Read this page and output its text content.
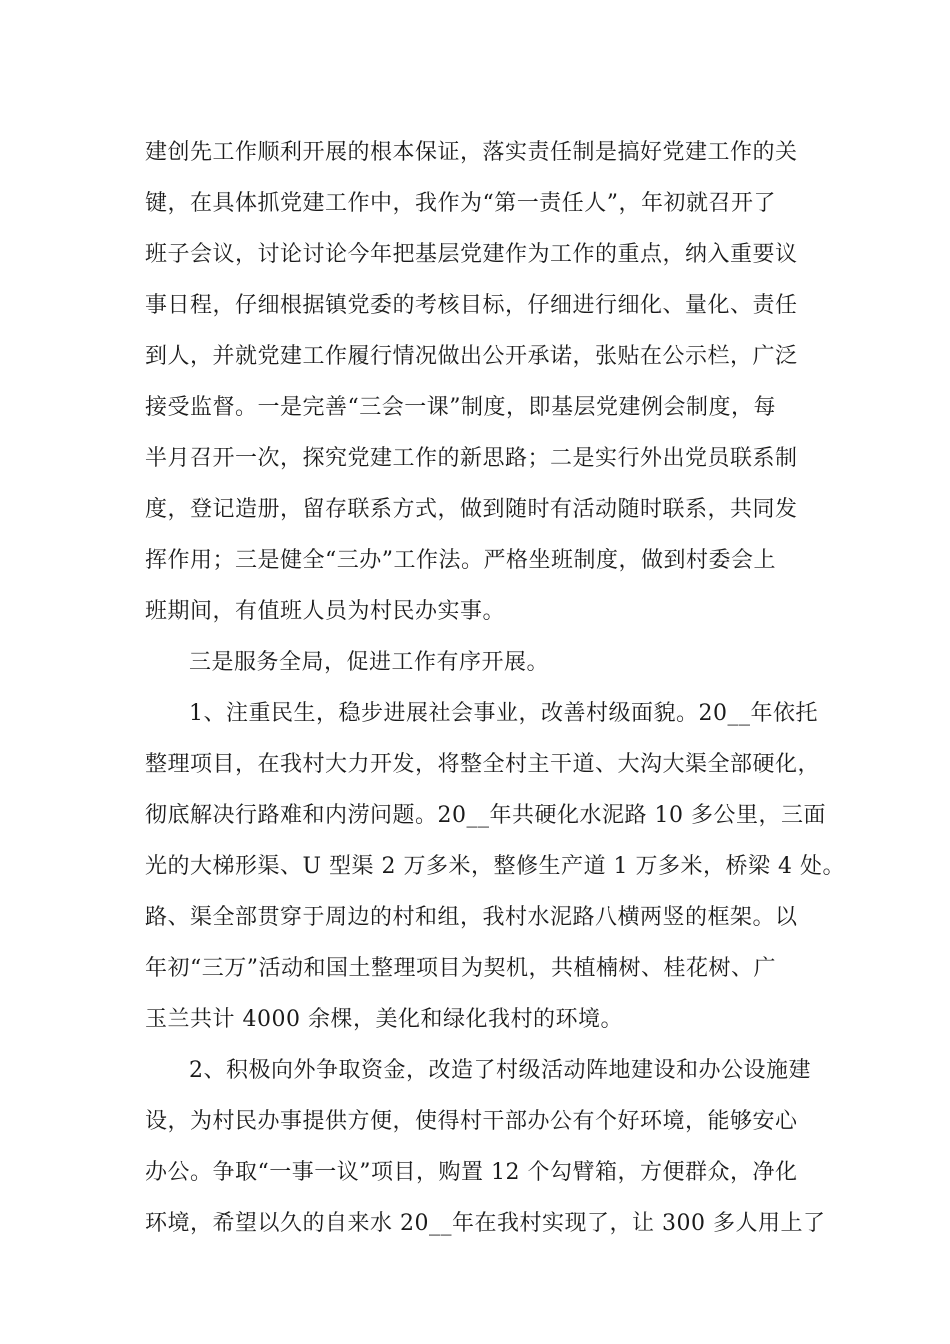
建创先工作顺利开展的根本保证，落实责任制是搞好党建工作的关
键，在具体抓党建工作中，我作为“第一责任人”，年初就召开了
班子会议，讨论讨论今年把基层党建作为工作的重点，纳入重要议
事日程，仔细根据镇党委的考核目标，仔细进行细化、量化、责任
到人，并就党建工作履行情况做出公开承诺，张贴在公示栏，广泛
接受监督。一是完善“三会一课”制度，即基层党建例会制度，每
半月召开一次，探究党建工作的新思路；二是实行外出党员联系制
度，登记造册，留存联系方式，做到随时有活动随时联系，共同发
挥作用；三是健全“三办”工作法。严格坐班制度，做到村委会上
班期间，有值班人员为村民办实事。
三是服务全局，促进工作有序开展。
1、注重民生，稳步进展社会事业，改善村级面貌。20__年依托
整理项目，在我村大力开发，将整全村主干道、大沟大渠全部硬化，
彻底解决行路难和内涝问题。20__年共硬化水泥路 10 多公里，三面
光的大梯形渠、U 型渠 2 万多米，整修生产道 1 万多米，桥梁 4 处。
路、渠全部贯穿于周边的村和组，我村水泥路八横两竖的框架。以
年初“三万”活动和国土整理项目为契机，共植楠树、桂花树、广
玉兰共计 4000 余棵，美化和绿化我村的环境。
2、积极向外争取资金，改造了村级活动阵地建设和办公设施建
设，为村民办事提供方便，使得村干部办公有个好环境，能够安心
办公。争取“一事一议”项目，购置 12 个勾臂箱，方便群众，净化
环境，希望以久的自来水 20__年在我村实现了，让 300 多人用上了
